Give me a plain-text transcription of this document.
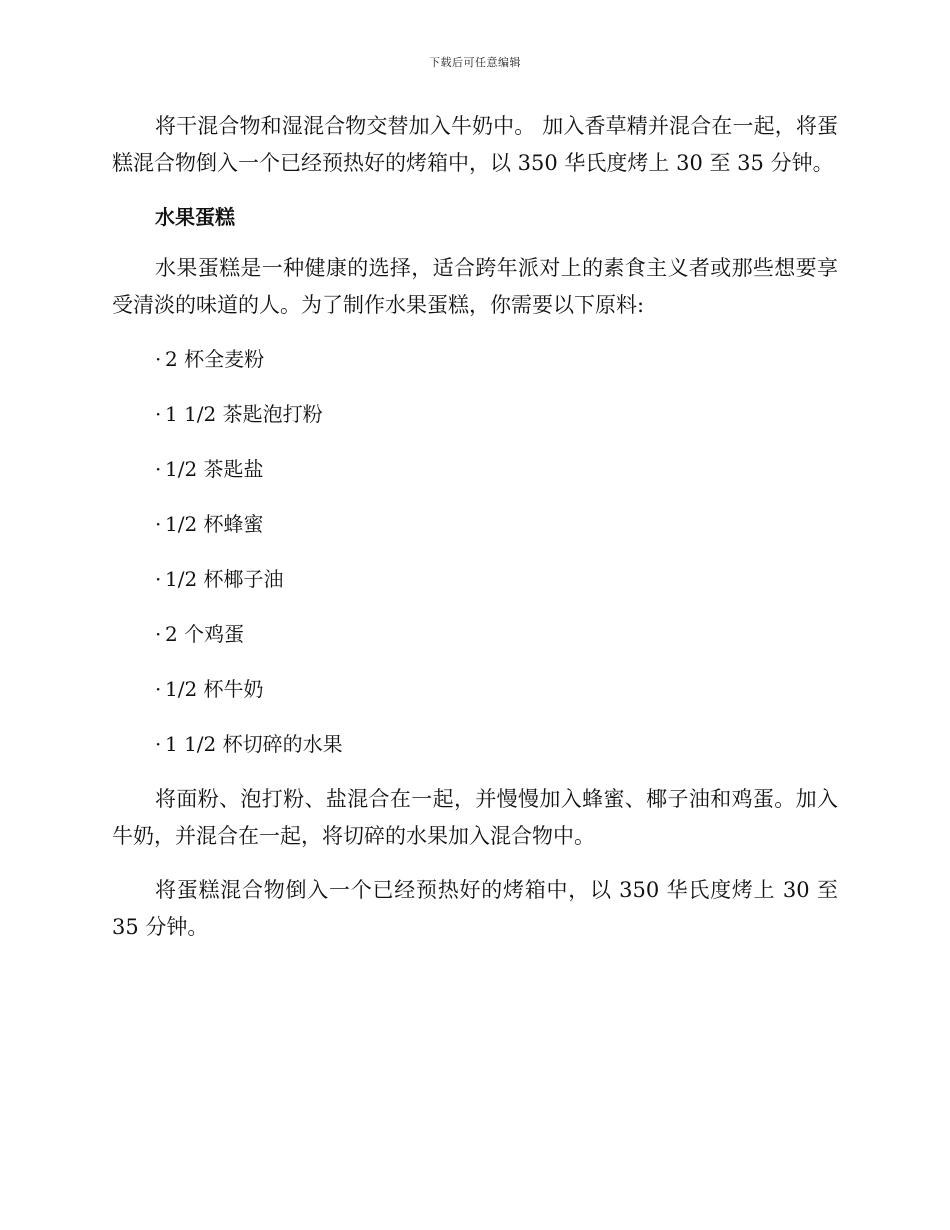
下载后可任意编辑

将干混合物和湿混合物交替加入牛奶中。 加入香草精并混合在一起，将蛋糕混合物倒入一个已经预热好的烤箱中，以 350 华氏度烤上 30 至 35 分钟。

水果蛋糕

水果蛋糕是一种健康的选择，适合跨年派对上的素食主义者或那些想要享受清淡的味道的人。为了制作水果蛋糕，你需要以下原料:

· 2 杯全麦粉
· 1 1/2 茶匙泡打粉
· 1/2 茶匙盐
· 1/2 杯蜂蜜
· 1/2 杯椰子油
· 2 个鸡蛋
· 1/2 杯牛奶
· 1 1/2 杯切碎的水果

将面粉、泡打粉、盐混合在一起，并慢慢加入蜂蜜、椰子油和鸡蛋。加入牛奶，并混合在一起，将切碎的水果加入混合物中。

将蛋糕混合物倒入一个已经预热好的烤箱中，以 350 华氏度烤上 30 至 35 分钟。
